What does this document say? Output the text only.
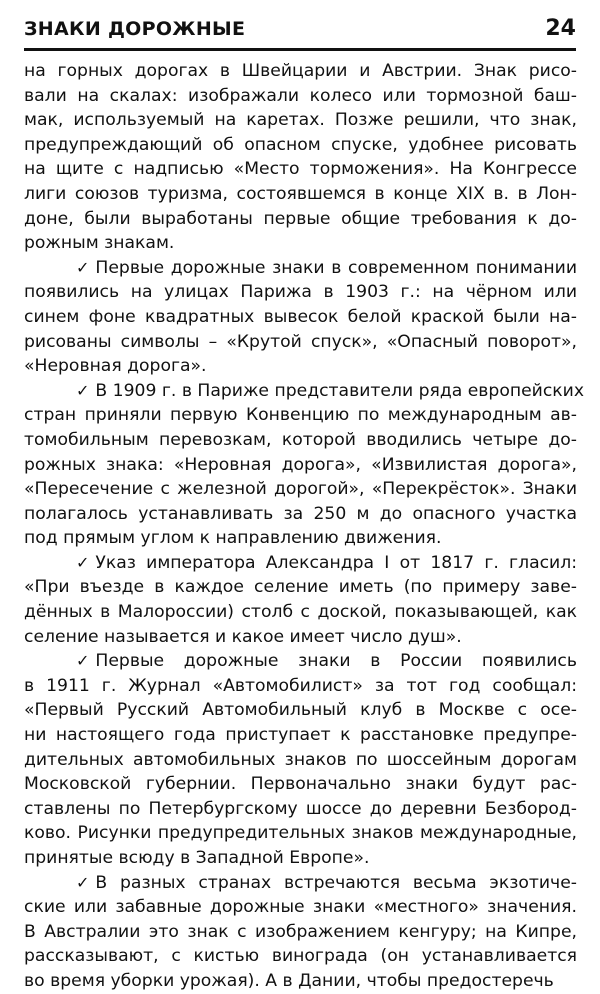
ЗНАКИ ДОРОЖНЫЕ	24
на горных дорогах в Швейцарии и Австрии. Знак рисо-
вали на скалах: изображали колесо или тормозной баш-
мак, используемый на каретах. Позже решили, что знак,
предупреждающий об опасном спуске, удобнее рисовать
на щите с надписью «Место торможения». На Конгрессе
лиги союзов туризма, состоявшемся в конце XIX в. в Лон-
доне, были выработаны первые общие требования к до-
рожным знакам.
✓ Первые дорожные знаки в современном понимании
появились на улицах Парижа в 1903 г.: на чёрном или
синем фоне квадратных вывесок белой краской были на-
рисованы символы – «Крутой спуск», «Опасный поворот»,
«Неровная дорога».
✓ В 1909 г. в Париже представители ряда европейских
стран приняли первую Конвенцию по международным ав-
томобильным перевозкам, которой вводились четыре до-
рожных знака: «Неровная дорога», «Извилистая дорога»,
«Пересечение с железной дорогой», «Перекрёсток». Знаки
полагалось устанавливать за 250 м до опасного участка
под прямым углом к направлению движения.
✓ Указ императора Александра I от 1817 г. гласил:
«При въезде в каждое селение иметь (по примеру заве-
дённых в Малороссии) столб с доской, показывающей, как
селение называется и какое имеет число душ».
✓ Первые дорожные знаки в России появились
в 1911 г. Журнал «Автомобилист» за тот год сообщал:
«Первый Русский Автомобильный клуб в Москве с осе-
ни настоящего года приступает к расстановке предупре-
дительных автомобильных знаков по шоссейным дорогам
Московской губернии. Первоначально знаки будут рас-
ставлены по Петербургскому шоссе до деревни Безбород-
ково. Рисунки предупредительных знаков международные,
принятые всюду в Западной Европе».
✓ В разных странах встречаются весьма экзотиче-
ские или забавные дорожные знаки «местного» значения.
В Австралии это знак с изображением кенгуру; на Кипре,
рассказывают, с кистью винограда (он устанавливается
во время уборки урожая). А в Дании, чтобы предостеречь
